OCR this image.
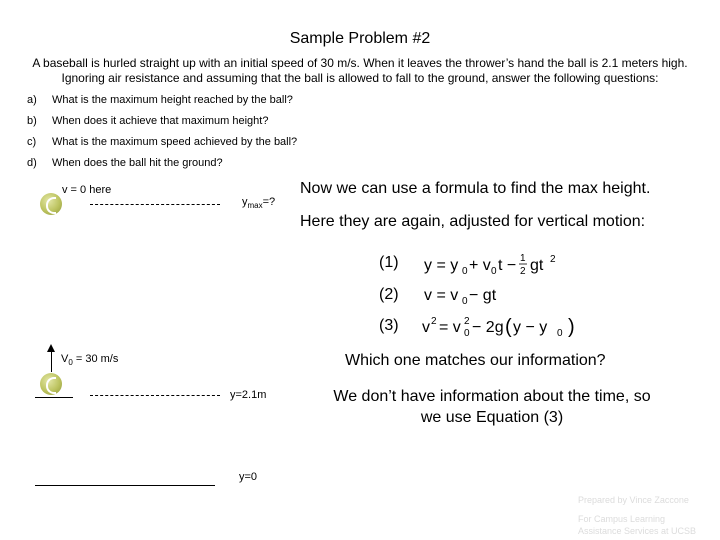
Sample Problem #2
A baseball is hurled straight up with an initial speed of 30 m/s. When it leaves the thrower’s hand the ball is 2.1 meters high. Ignoring air resistance and assuming that the ball is allowed to fall to the ground, answer the following questions:
a) What is the maximum height reached by the ball?
b) When does it achieve that maximum height?
c) What is the maximum speed achieved by the ball?
d) When does the ball hit the ground?
v = 0 here
$y_{max}=$?
$V_0 = 30$ m/s
y=2.1m
y=0
Now we can use a formula to find the max height.
Here they are again, adjusted for vertical motion:
(1)
(2)
(3)
y = y 0 + v 0 t − 1
2 gt 2
v = v 0 − gt
v 2 = v 0
2 − 2g ( y − y 0 )
Which one matches our information?
We don’t have information about the time, so
we use Equation (3)
Prepared by Vince Zaccone
For Campus Learning
Assistance Services at UCSB
